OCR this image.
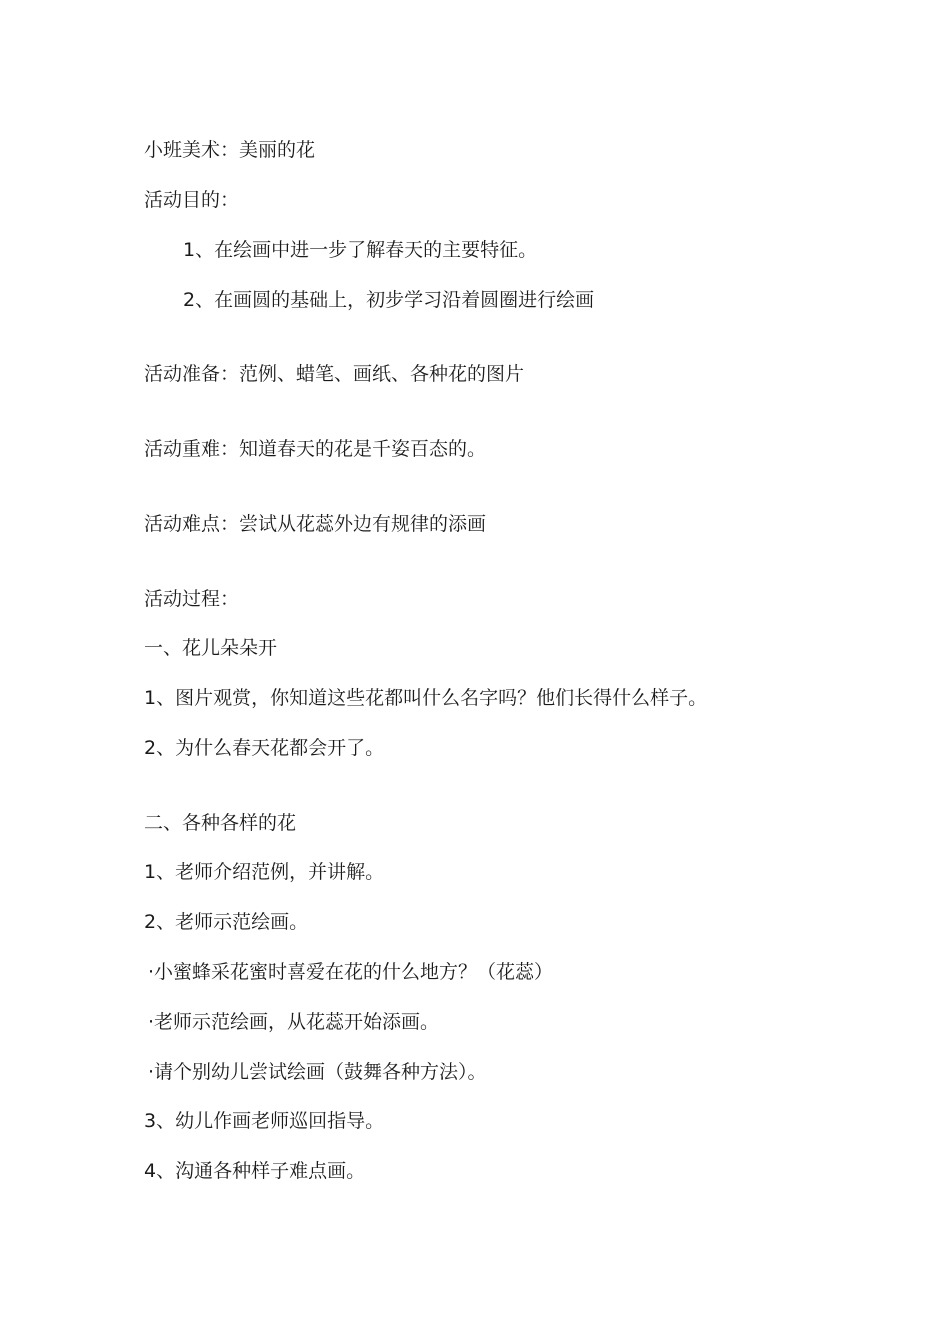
小班美术：美丽的花
活动目的：
1、在绘画中进一步了解春天的主要特征。
2、在画圆的基础上，初步学习沿着圆圈进行绘画
活动准备：范例、蜡笔、画纸、各种花的图片
活动重难：知道春天的花是千姿百态的。
活动难点：尝试从花蕊外边有规律的添画
活动过程：
一、花儿朵朵开
1、图片观赏，你知道这些花都叫什么名字吗？他们长得什么样子。
2、为什么春天花都会开了。
二、各种各样的花
1、老师介绍范例，并讲解。
2、老师示范绘画。
·小蜜蜂采花蜜时喜爱在花的什么地方？（花蕊）
·老师示范绘画，从花蕊开始添画。
·请个别幼儿尝试绘画（鼓舞各种方法）。
3、幼儿作画老师巡回指导。
4、沟通各种样子难点画。
